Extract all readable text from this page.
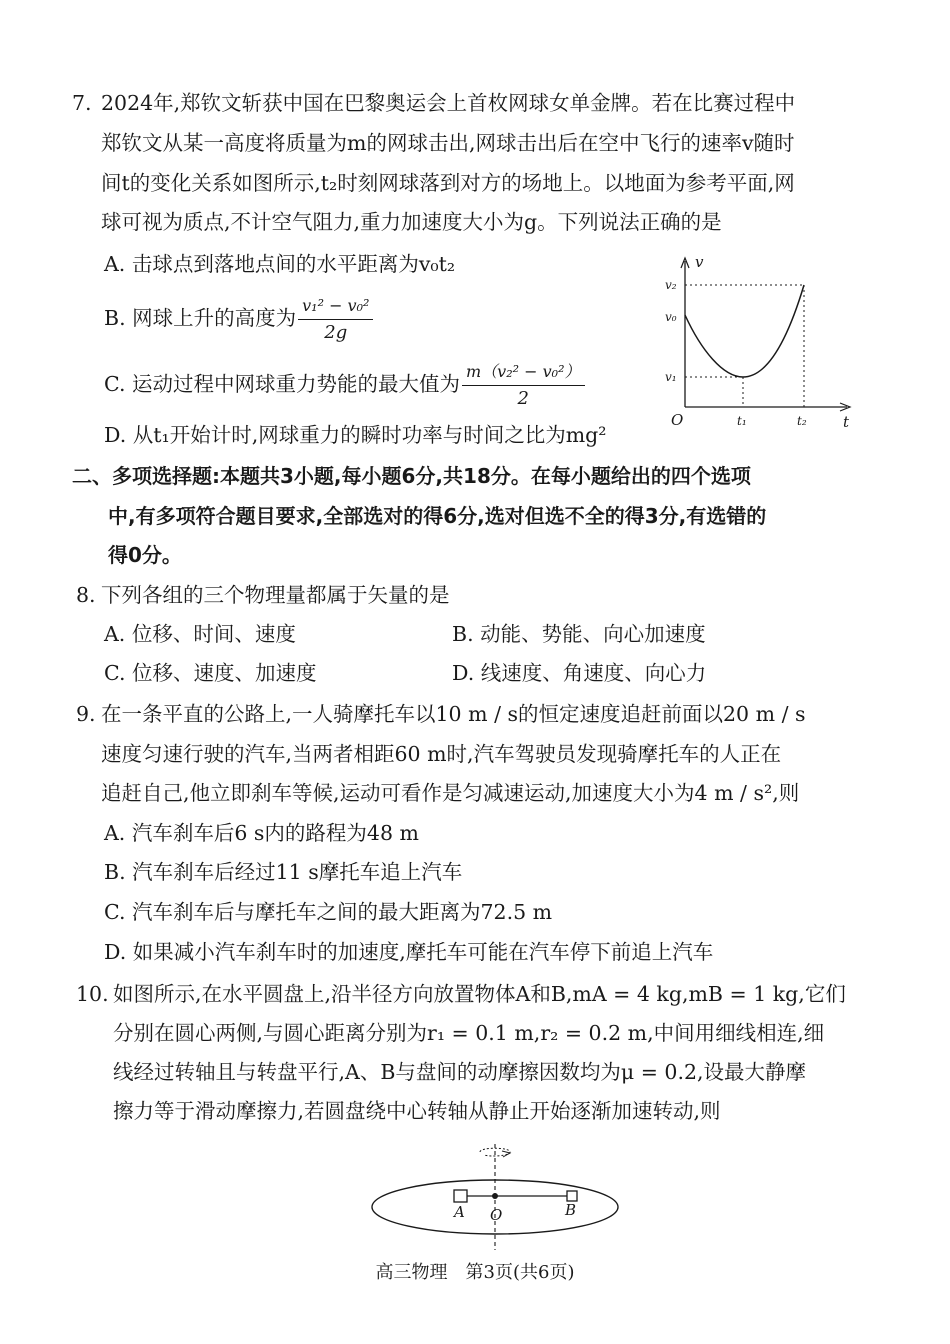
7. 2024年,郑钦文斩获中国在巴黎奥运会上首枚网球女单金牌。若在比赛过程中
郑钦文从某一高度将质量为m的网球击出,网球击出后在空中飞行的速率v随时
间t的变化关系如图所示,t₂时刻网球落到对方的场地上。以地面为参考平面,网
球可视为质点,不计空气阻力,重力加速度大小为g。下列说法正确的是
A. 击球点到落地点间的水平距离为v₀t₂
B. 网球上升的高度为 $\frac{\text{v₁² − v₀²}}{2g}$
C. 运动过程中网球重力势能的最大值为 $\frac{\text{m（v₂² − v₀²）}}{2}$
D. 从t₁开始计时,网球重力的瞬时功率与时间之比为mg²
v
t
O
v₂
v₀
v₁
t₁	t₂
二、多项选择题:本题共3小题,每小题6分,共18分。在每小题给出的四个选项
中,有多项符合题目要求,全部选对的得6分,选对但选不全的得3分,有选错的
得0分。
8. 下列各组的三个物理量都属于矢量的是
A. 位移、时间、速度	B. 动能、势能、向心加速度
C. 位移、速度、加速度	D. 线速度、角速度、向心力
9. 在一条平直的公路上,一人骑摩托车以10 m / s的恒定速度追赶前面以20 m / s
速度匀速行驶的汽车,当两者相距60 m时,汽车驾驶员发现骑摩托车的人正在
追赶自己,他立即刹车等候,运动可看作是匀减速运动,加速度大小为4 m / s²,则
A. 汽车刹车后6 s内的路程为48 m
B. 汽车刹车后经过11 s摩托车追上汽车
C. 汽车刹车后与摩托车之间的最大距离为72.5 m
D. 如果减小汽车刹车时的加速度,摩托车可能在汽车停下前追上汽车
10. 如图所示,在水平圆盘上,沿半径方向放置物体A和B,mA = 4 kg,mB = 1 kg,它们
分别在圆心两侧,与圆心距离分别为r₁ = 0.1 m,r₂ = 0.2 m,中间用细线相连,细
线经过转轴且与转盘平行,A、B与盘间的动摩擦因数均为μ = 0.2,设最大静摩
擦力等于滑动摩擦力,若圆盘绕中心转轴从静止开始逐渐加速转动,则
A O	B
高三物理　第3页(共6页)
